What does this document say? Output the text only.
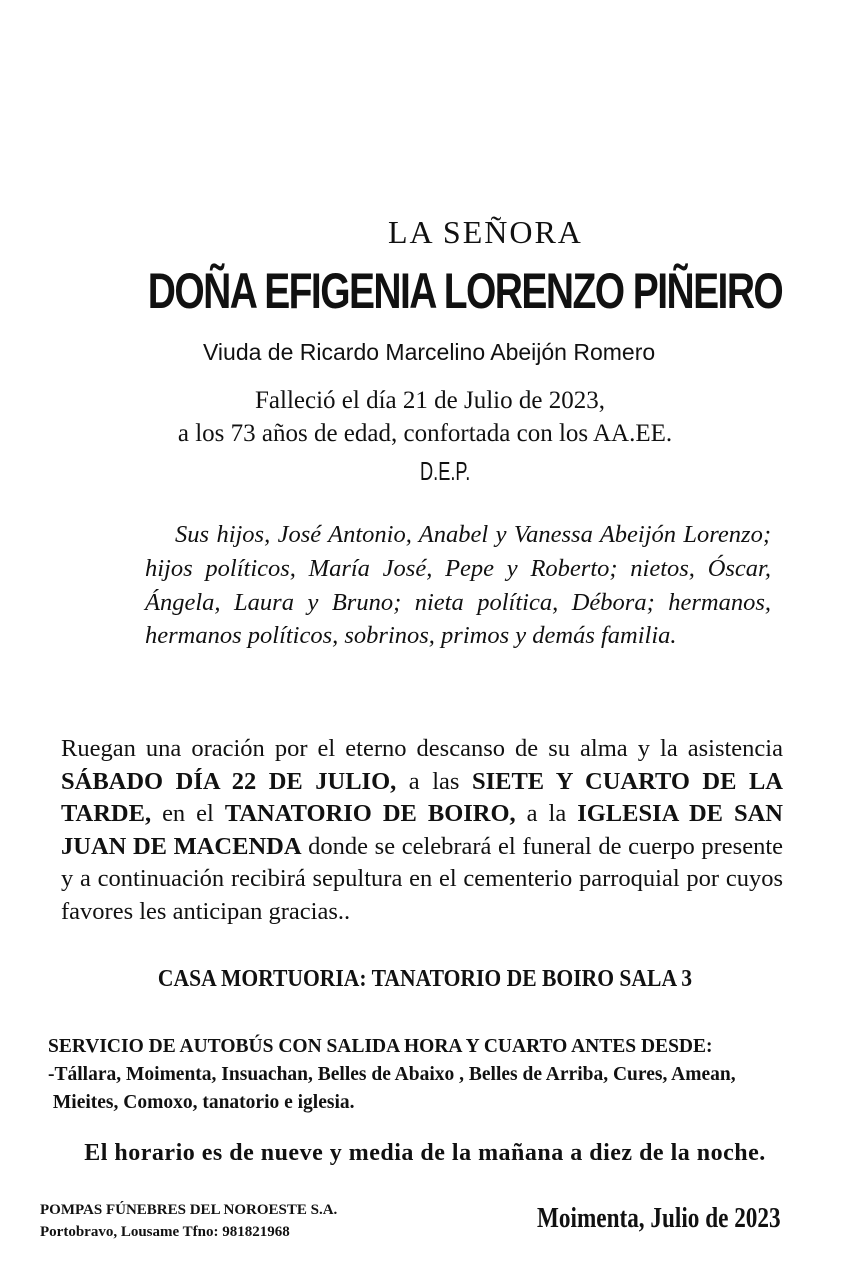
LA SEÑORA
DOÑA EFIGENIA LORENZO PIÑEIRO
Viuda de Ricardo Marcelino Abeijón Romero
Falleció el día 21 de Julio de 2023,
a los 73 años de edad, confortada con los AA.EE.
D.E.P.
Sus hijos, José Antonio, Anabel y Vanessa Abeijón Lorenzo; hijos políticos, María José, Pepe y Roberto; nietos, Óscar, Ángela, Laura y Bruno; nieta política, Débora; hermanos, hermanos políticos, sobrinos, primos y demás familia.
Ruegan una oración por el eterno descanso de su alma y la asistencia SÁBADO DÍA 22 DE JULIO, a las SIETE Y CUARTO DE LA TARDE, en el TANATORIO DE BOIRO, a la IGLESIA DE SAN JUAN DE MACENDA donde se celebrará el funeral de cuerpo presente y a continuación recibirá sepultura en el cementerio parroquial por cuyos favores les anticipan gracias..
CASA MORTUORIA: TANATORIO DE BOIRO SALA 3
SERVICIO DE AUTOBÚS CON SALIDA HORA Y CUARTO ANTES DESDE:
-Tállara, Moimenta, Insuachan, Belles de Abaixo , Belles de Arriba, Cures, Amean,
Mieites, Comoxo, tanatorio e iglesia.
El horario es de nueve y media de la mañana a diez de la noche.
POMPAS FÚNEBRES DEL NOROESTE S.A.
Portobravo, Lousame Tfno: 981821968	Moimenta, Julio de 2023
